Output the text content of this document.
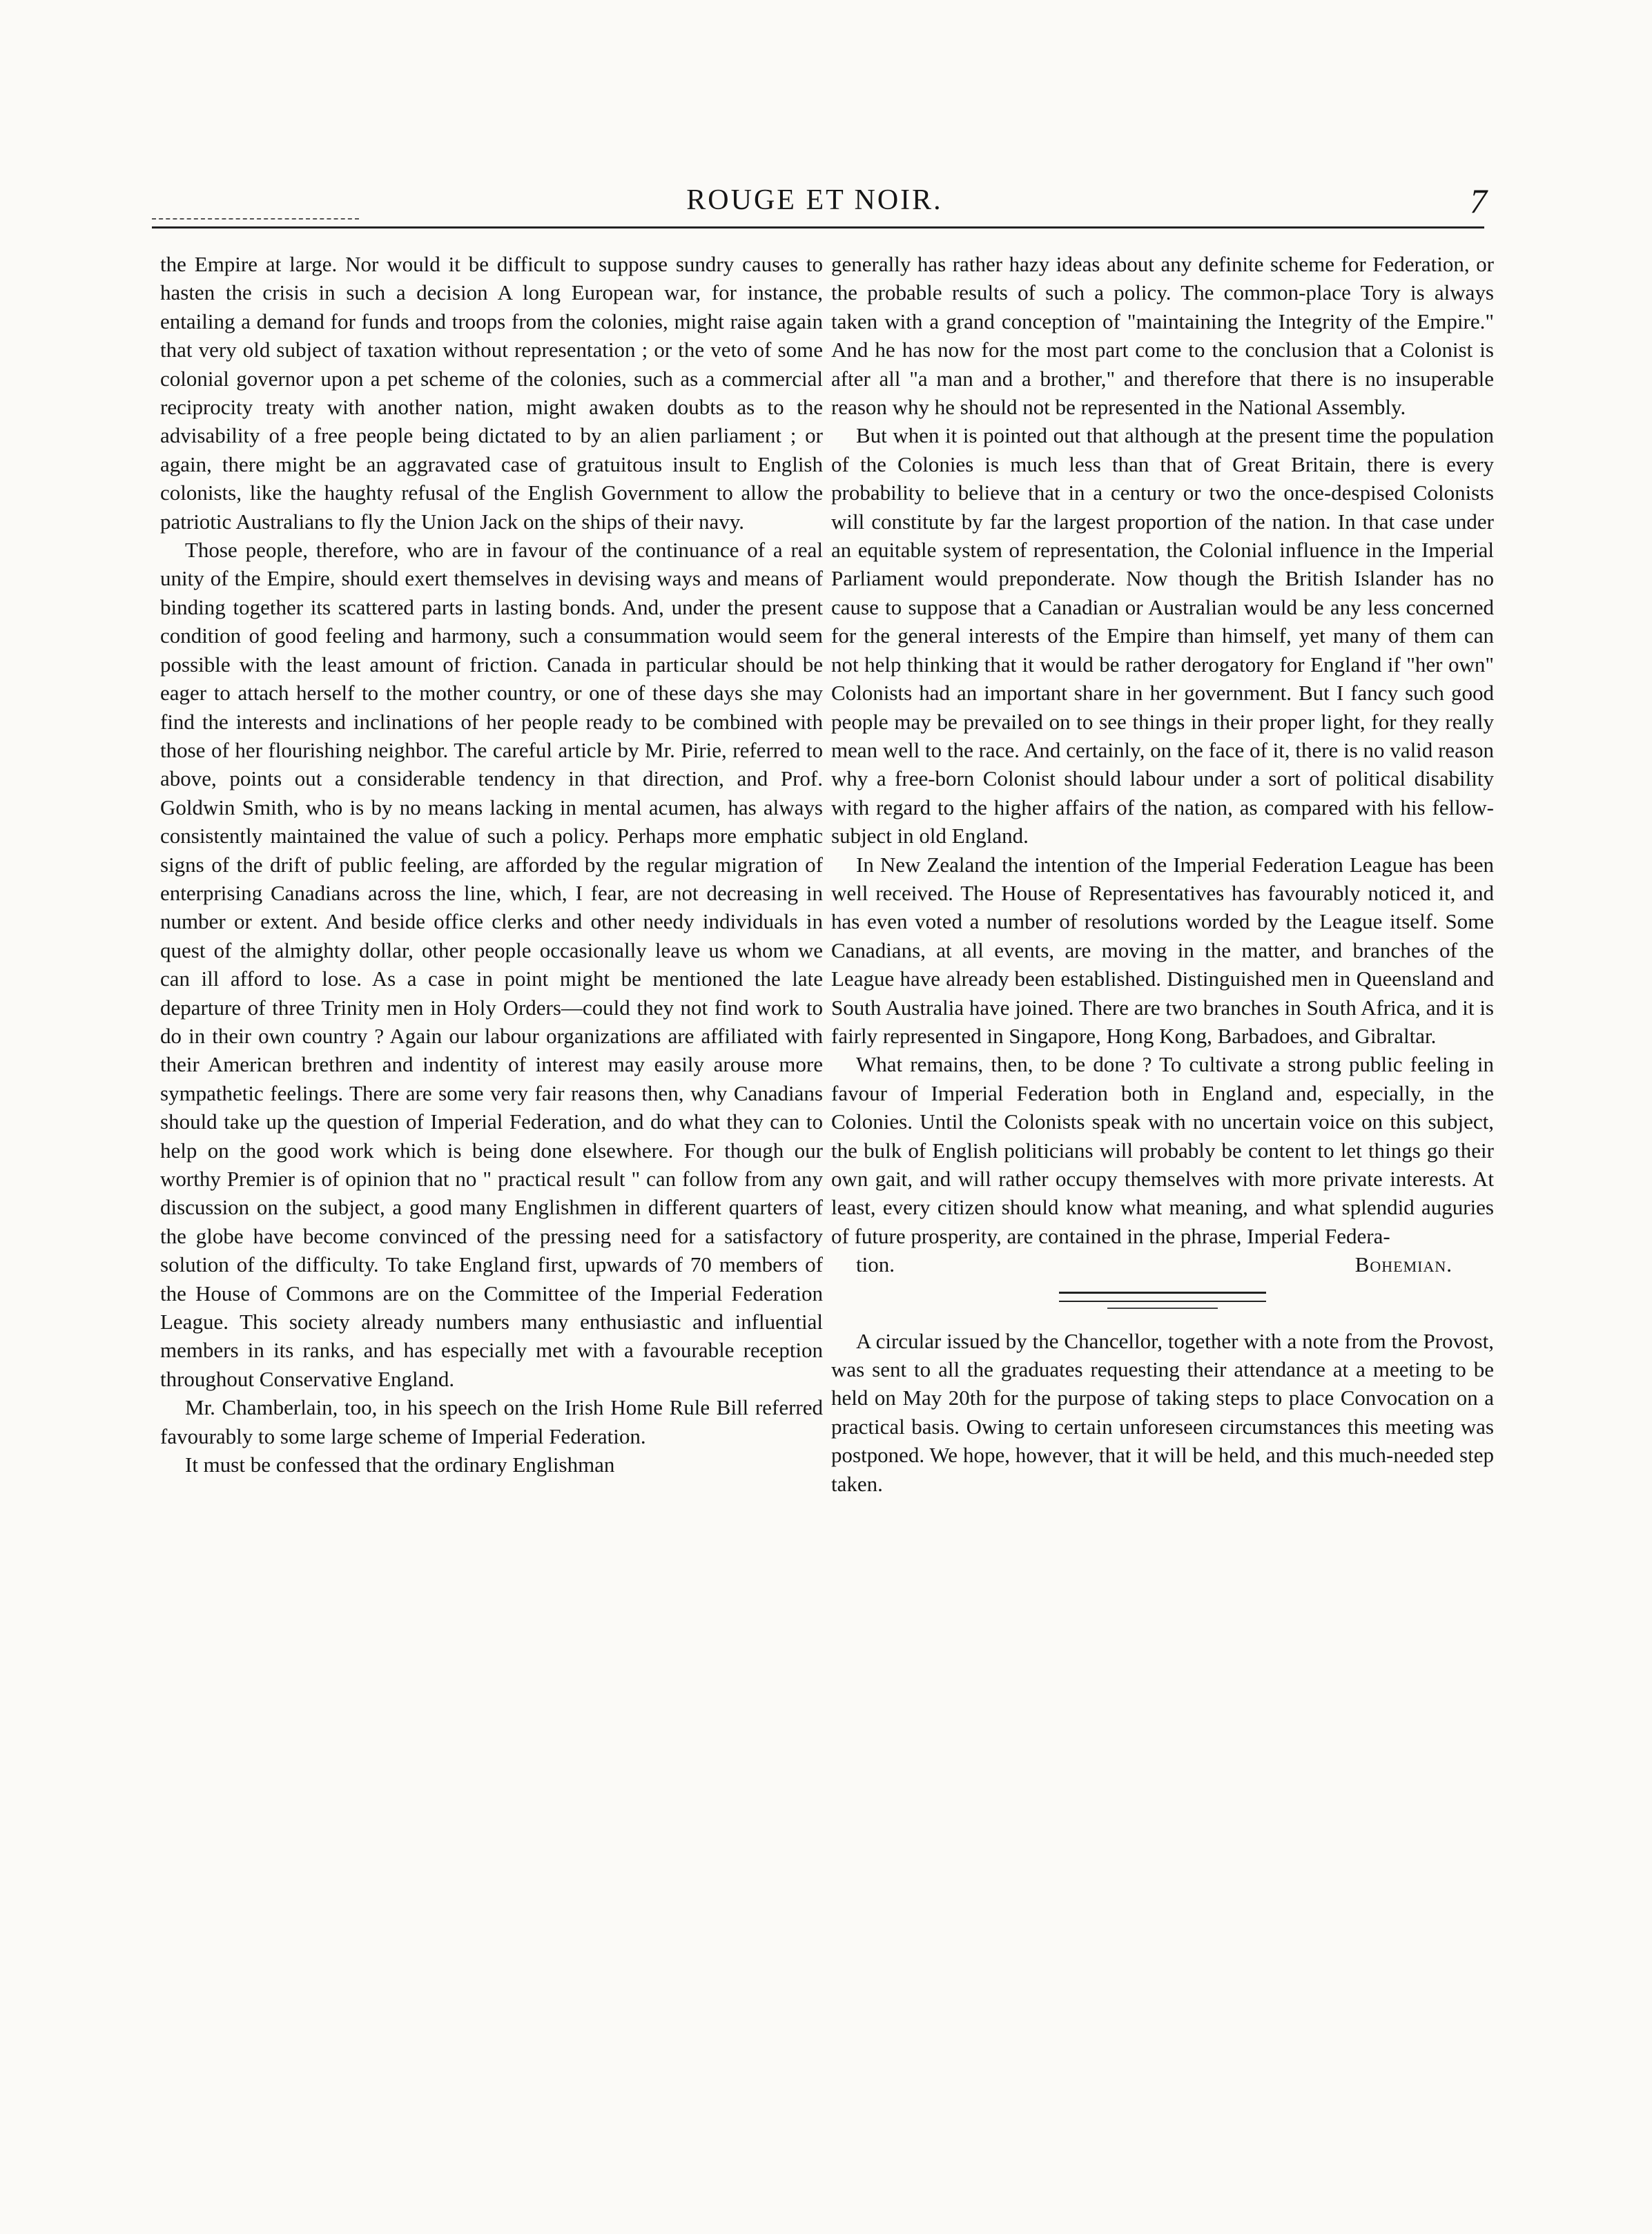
ROUGE ET NOIR.	7

the Empire at large. Nor would it be difficult to suppose sundry causes to hasten the crisis in such a decision A long European war, for instance, entailing a demand for funds and troops from the colonies, might raise again that very old subject of taxation without representation ; or the veto of some colonial governor upon a pet scheme of the colonies, such as a commercial reciprocity treaty with another nation, might awaken doubts as to the advisability of a free people being dictated to by an alien parliament ; or again, there might be an aggravated case of gratuitous insult to English colonists, like the haughty refusal of the English Government to allow the patriotic Australians to fly the Union Jack on the ships of their navy.

Those people, therefore, who are in favour of the continuance of a real unity of the Empire, should exert themselves in devising ways and means of binding together its scattered parts in lasting bonds. And, under the present condition of good feeling and harmony, such a consummation would seem possible with the least amount of friction. Canada in particular should be eager to attach herself to the mother country, or one of these days she may find the interests and inclinations of her people ready to be combined with those of her flourishing neighbor. The careful article by Mr. Pirie, referred to above, points out a considerable tendency in that direction, and Prof. Goldwin Smith, who is by no means lacking in mental acumen, has always consistently maintained the value of such a policy. Perhaps more emphatic signs of the drift of public feeling, are afforded by the regular migration of enterprising Canadians across the line, which, I fear, are not decreasing in number or extent. And beside office clerks and other needy individuals in quest of the almighty dollar, other people occasionally leave us whom we can ill afford to lose. As a case in point might be mentioned the late departure of three Trinity men in Holy Orders—could they not find work to do in their own country ? Again our labour organizations are affiliated with their American brethren and indentity of interest may easily arouse more sympathetic feelings. There are some very fair reasons then, why Canadians should take up the question of Imperial Federation, and do what they can to help on the good work which is being done elsewhere. For though our worthy Premier is of opinion that no " practical result " can follow from any discussion on the subject, a good many Englishmen in different quarters of the globe have become convinced of the pressing need for a satisfactory solution of the difficulty. To take England first, upwards of 70 members of the House of Commons are on the Committee of the Imperial Federation League. This society already numbers many enthusiastic and influential members in its ranks, and has especially met with a favourable reception throughout Conservative England.

Mr. Chamberlain, too, in his speech on the Irish Home Rule Bill referred favourably to some large scheme of Imperial Federation.

It must be confessed that the ordinary Englishman

generally has rather hazy ideas about any definite scheme for Federation, or the probable results of such a policy. The common-place Tory is always taken with a grand conception of "maintaining the Integrity of the Empire." And he has now for the most part come to the conclusion that a Colonist is after all "a man and a brother," and therefore that there is no insuperable reason why he should not be represented in the National Assembly.

But when it is pointed out that although at the present time the population of the Colonies is much less than that of Great Britain, there is every probability to believe that in a century or two the once-despised Colonists will constitute by far the largest proportion of the nation. In that case under an equitable system of representation, the Colonial influence in the Imperial Parliament would preponderate. Now though the British Islander has no cause to suppose that a Canadian or Australian would be any less concerned for the general interests of the Empire than himself, yet many of them can not help thinking that it would be rather derogatory for England if "her own" Colonists had an important share in her government. But I fancy such good people may be prevailed on to see things in their proper light, for they really mean well to the race. And certainly, on the face of it, there is no valid reason why a free-born Colonist should labour under a sort of political disability with regard to the higher affairs of the nation, as compared with his fellow-subject in old England.

In New Zealand the intention of the Imperial Federation League has been well received. The House of Representatives has favourably noticed it, and has even voted a number of resolutions worded by the League itself. Some Canadians, at all events, are moving in the matter, and branches of the League have already been established. Distinguished men in Queensland and South Australia have joined. There are two branches in South Africa, and it is fairly represented in Singapore, Hong Kong, Barbadoes, and Gibraltar.

What remains, then, to be done ? To cultivate a strong public feeling in favour of Imperial Federation both in England and, especially, in the Colonies. Until the Colonists speak with no uncertain voice on this subject, the bulk of English politicians will probably be content to let things go their own gait, and will rather occupy themselves with more private interests. At least, every citizen should know what meaning, and what splendid auguries of future prosperity, are contained in the phrase, Imperial Federa-

tion.	Bohemian.

A circular issued by the Chancellor, together with a note from the Provost, was sent to all the graduates requesting their attendance at a meeting to be held on May 20th for the purpose of taking steps to place Convocation on a practical basis. Owing to certain unforeseen circumstances this meeting was postponed. We hope, however, that it will be held, and this much-needed step taken.
